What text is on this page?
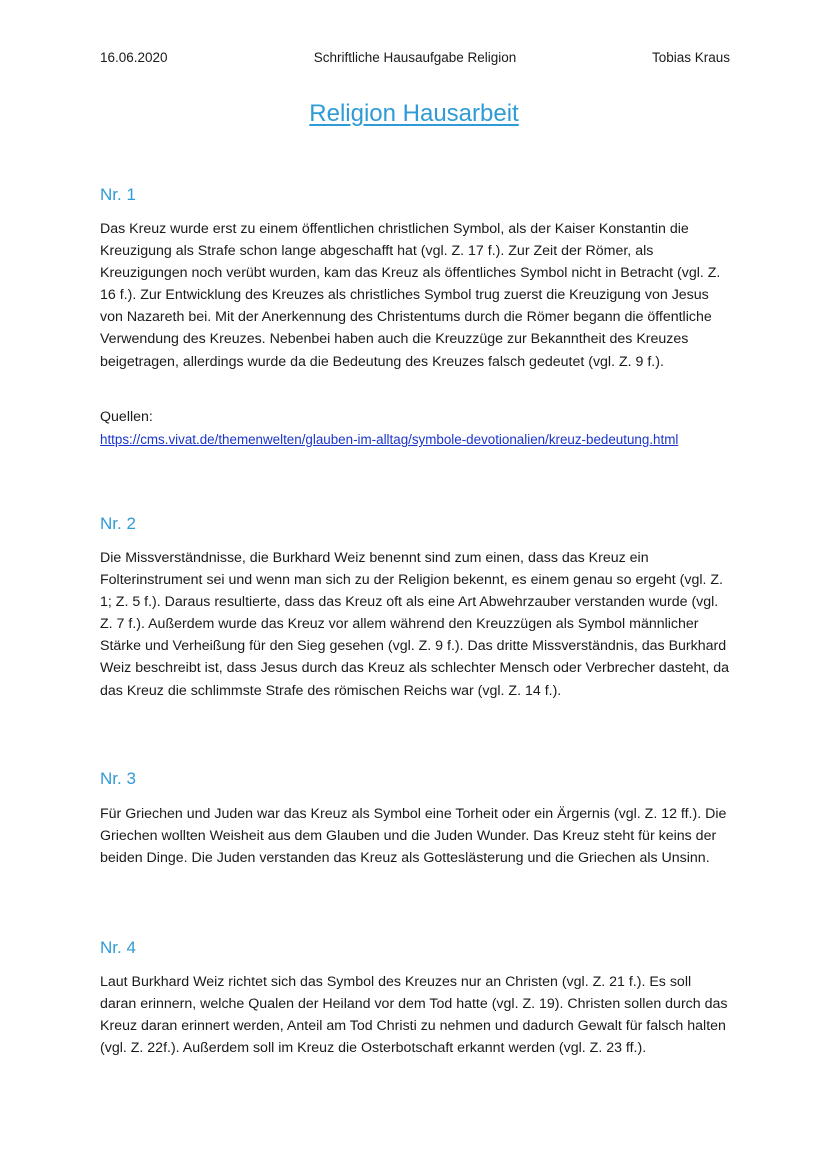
16.06.2020	Schriftliche Hausaufgabe Religion	Tobias Kraus
Religion Hausarbeit
Nr. 1

Das Kreuz wurde erst zu einem öffentlichen christlichen Symbol, als der Kaiser Konstantin die Kreuzigung als Strafe schon lange abgeschafft hat (vgl. Z. 17 f.). Zur Zeit der Römer, als Kreuzigungen noch verübt wurden, kam das Kreuz als öffentliches Symbol nicht in Betracht (vgl. Z. 16 f.). Zur Entwicklung des Kreuzes als christliches Symbol trug zuerst die Kreuzigung von Jesus von Nazareth bei. Mit der Anerkennung des Christentums durch die Römer begann die öffentliche Verwendung des Kreuzes. Nebenbei haben auch die Kreuzzüge zur Bekanntheit des Kreuzes beigetragen, allerdings wurde da die Bedeutung des Kreuzes falsch gedeutet (vgl. Z. 9 f.).

Quellen:
https://cms.vivat.de/themenwelten/glauben-im-alltag/symbole-devotionalien/kreuz-bedeutung.html
Nr. 2

Die Missverständnisse, die Burkhard Weiz benennt sind zum einen, dass das Kreuz ein Folterinstrument sei und wenn man sich zu der Religion bekennt, es einem genau so ergeht (vgl. Z. 1; Z. 5 f.). Daraus resultierte, dass das Kreuz oft als eine Art Abwehrzauber verstanden wurde (vgl. Z. 7 f.). Außerdem wurde das Kreuz vor allem während den Kreuzzügen als Symbol männlicher Stärke und Verheißung für den Sieg gesehen (vgl. Z. 9 f.). Das dritte Missverständnis, das Burkhard Weiz beschreibt ist, dass Jesus durch das Kreuz als schlechter Mensch oder Verbrecher dasteht, da das Kreuz die schlimmste Strafe des römischen Reichs war (vgl. Z. 14 f.).

Nr. 3

Für Griechen und Juden war das Kreuz als Symbol eine Torheit oder ein Ärgernis (vgl. Z. 12 ff.). Die Griechen wollten Weisheit aus dem Glauben und die Juden Wunder. Das Kreuz steht für keins der beiden Dinge. Die Juden verstanden das Kreuz als Gotteslästerung und die Griechen als Unsinn.

Nr. 4

Laut Burkhard Weiz richtet sich das Symbol des Kreuzes nur an Christen (vgl. Z. 21 f.). Es soll daran erinnern, welche Qualen der Heiland vor dem Tod hatte (vgl. Z. 19). Christen sollen durch das Kreuz daran erinnert werden, Anteil am Tod Christi zu nehmen und dadurch Gewalt für falsch halten (vgl. Z. 22f.). Außerdem soll im Kreuz die Osterbotschaft erkannt werden (vgl. Z. 23 ff.).
